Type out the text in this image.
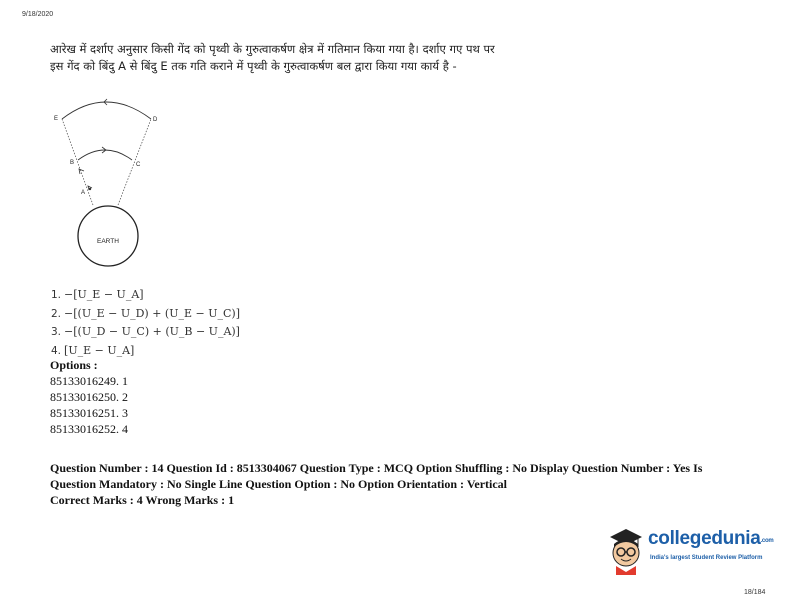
9/18/2020
आरेख में दर्शाए अनुसार किसी गेंद को पृथ्वी के गुरुत्वाकर्षण क्षेत्र में गतिमान किया गया है। दर्शाए गए पथ पर
इस गेंद को बिंदु A से बिंदु E तक गति कराने में पृथ्वी के गुरुत्वाकर्षण बल द्वारा किया गया कार्य है -
E	D
B	C
A
EARTH
1. −[U_E − U_A]
2. −[(U_E − U_D) + (U_E − U_C)]
3. −[(U_D − U_C) + (U_B − U_A)]
4. [U_E − U_A]
Options :
85133016249. 1
85133016250. 2
85133016251. 3
85133016252. 4
Question Number : 14 Question Id : 8513304067 Question Type : MCQ Option Shuffling : No Display Question Number : Yes Is
Question Mandatory : No Single Line Question Option : No Option Orientation : Vertical
Correct Marks : 4 Wrong Marks : 1
collegedunia.com
India's largest Student Review Platform
18/184
